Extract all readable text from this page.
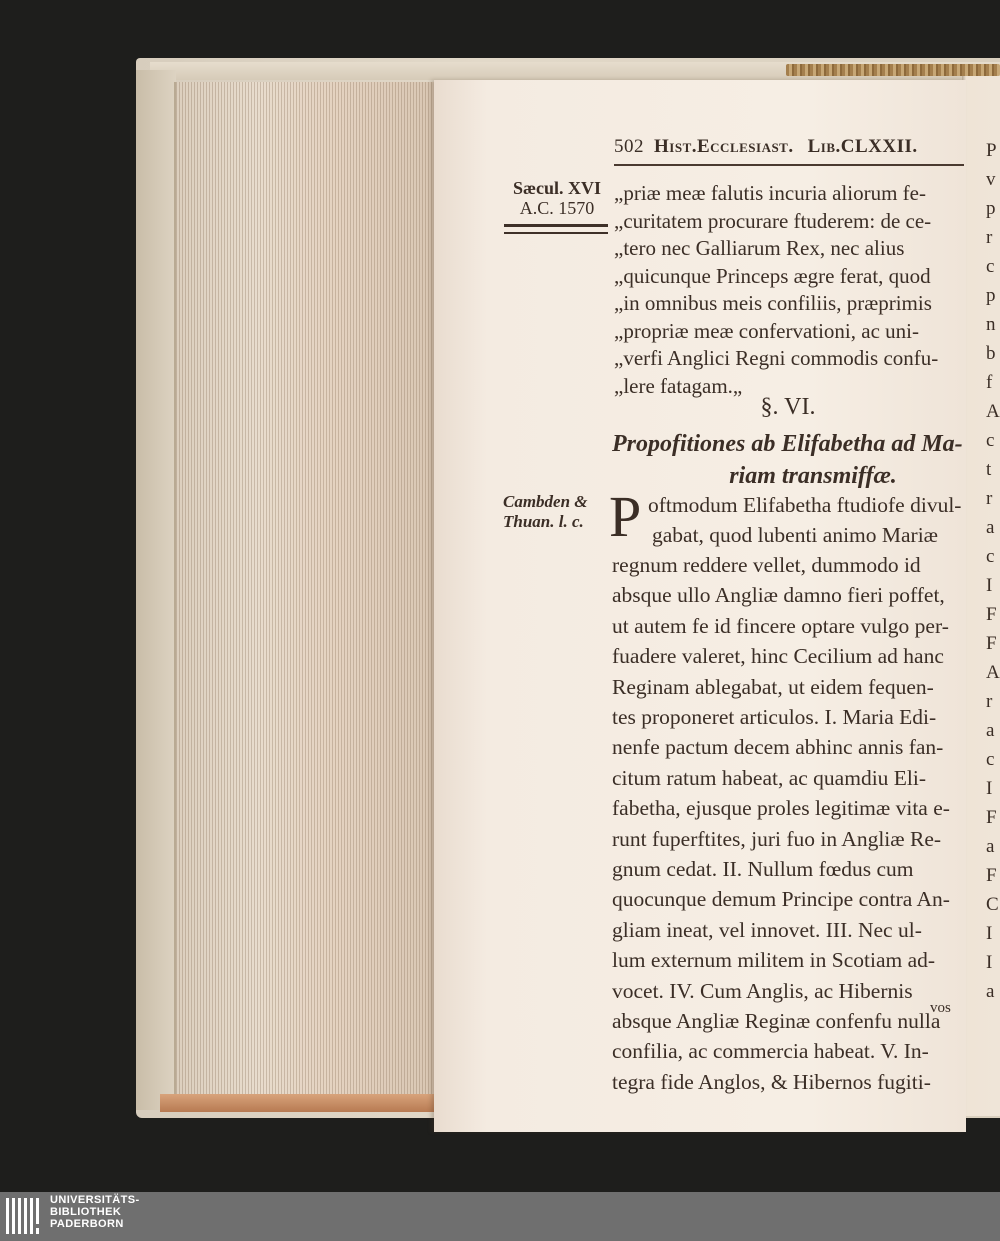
502 Hist.Ecclesiast. Lib.CLXXII.	P
v
p
r
c
p
n
b
f
A
c
t
r
a
c
I
F
F
A
r
a
c
I
F
a
F
C
I
I
a
Sæcul. XVI
A.C. 1570
„priæ meæ falutis incuria aliorum fe-
„curitatem procurare ftuderem: de ce-
„tero nec Galliarum Rex, nec alius
„quicunque Princeps ægre ferat, quod
„in omnibus meis confiliis, præprimis
„propriæ meæ confervationi, ac uni-
„verfi Anglici Regni commodis confu-
„lere fatagam.„
§. VI.
Propofitiones ab Elifabetha ad Ma-
riam transmiffæ.
Cambden &
Thuan. l. c. P oftmodum Elifabetha ftudiofe divul-
gabat, quod lubenti animo Mariæ
regnum reddere vellet, dummodo id
absque ullo Angliæ damno fieri poffet,
ut autem fe id fincere optare vulgo per-
fuadere valeret, hinc Cecilium ad hanc
Reginam ablegabat, ut eidem fequen-
tes proponeret articulos. I. Maria Edi-
nenfe pactum decem abhinc annis fan-
citum ratum habeat, ac quamdiu Eli-
fabetha, ejusque proles legitimæ vita e-
runt fuperftites, juri fuo in Angliæ Re-
gnum cedat. II. Nullum fœdus cum
quocunque demum Principe contra An-
gliam ineat, vel innovet. III. Nec ul-
lum externum militem in Scotiam ad-
vocet. IV. Cum Anglis, ac Hibernis
absque Angliæ Reginæ confenfu nulla
confilia, ac commercia habeat. V. In-
tegra fide Anglos, & Hibernos fugiti-
vos
UNIVERSITÄTS-
BIBLIOTHEK
PADERBORN
